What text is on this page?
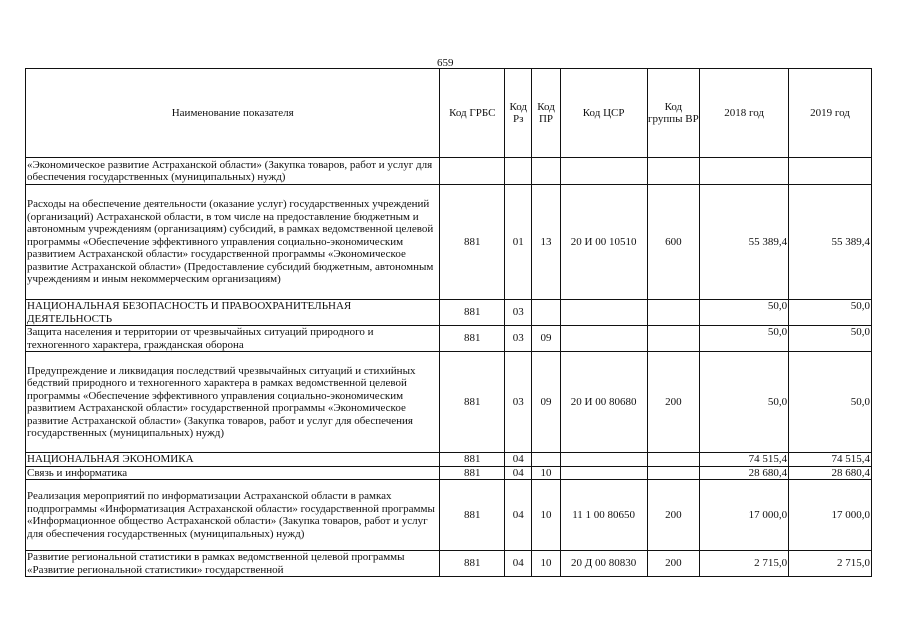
659
Наименование показателя	Код ГРБС	Код Рз	Код ПР	Код ЦСР	Код группы ВР	2018 год	2019 год
«Экономическое развитие Астраханской области» (Закупка товаров, работ и услуг для обеспечения государственных (муниципальных) нужд)							
Расходы на обеспечение деятельности (оказание услуг) государственных учреждений (организаций) Астраханской области, в том числе на предоставление бюджетным и автономным учреждениям (организациям) субсидий, в рамках ведомственной целевой программы «Обеспечение эффективного управления социально-экономическим развитием Астраханской области» государственной программы «Экономическое развитие Астраханской области» (Предоставление субсидий бюджетным, автономным учреждениям и иным некоммерческим организациям)	881	01	13	20 И 00 10510	600	55 389,4	55 389,4
НАЦИОНАЛЬНАЯ БЕЗОПАСНОСТЬ И ПРАВООХРАНИТЕЛЬНАЯ ДЕЯТЕЛЬНОСТЬ	881	03				50,0	50,0
Защита населения и территории от чрезвычайных ситуаций природного и техногенного характера, гражданская оборона	881	03	09			50,0	50,0
Предупреждение и ликвидация последствий чрезвычайных ситуаций и стихийных бедствий природного и техногенного характера в рамках ведомственной целевой программы «Обеспечение эффективного управления социально-экономическим развитием Астраханской области» государственной программы «Экономическое развитие Астраханской области» (Закупка товаров, работ и услуг для обеспечения государственных (муниципальных) нужд)	881	03	09	20 И 00 80680	200	50,0	50,0
НАЦИОНАЛЬНАЯ ЭКОНОМИКА	881	04				74 515,4	74 515,4
Связь и информатика	881	04	10			28 680,4	28 680,4
Реализация мероприятий по информатизации Астраханской области в рамках подпрограммы «Информатизация Астраханской области» государственной программы «Информационное общество Астраханской области» (Закупка товаров, работ и услуг для обеспечения государственных (муниципальных) нужд)	881	04	10	11 1 00 80650	200	17 000,0	17 000,0
Развитие региональной статистики в рамках ведомственной целевой программы «Развитие региональной статистики» государственной	881	04	10	20 Д 00 80830	200	2 715,0	2 715,0
